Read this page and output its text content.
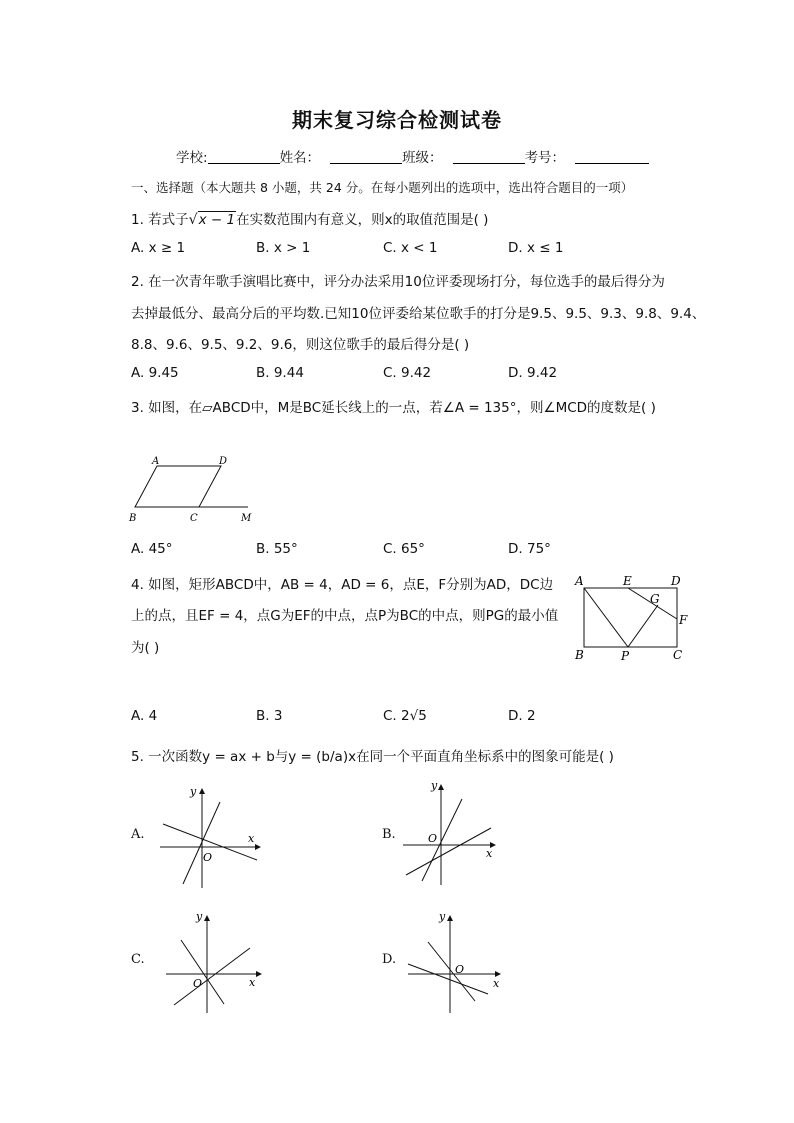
期末复习综合检测试卷
学校:	姓名：	班级：	考号：
一、选择题（本大题共 8 小题，共 24 分。在每小题列出的选项中，选出符合题目的一项）
1. 若式子√x − 1在实数范围内有意义，则x的取值范围是( )
A. x ≥ 1	B. x > 1	C. x < 1	D. x ≤ 1
2. 在一次青年歌手演唱比赛中，评分办法采用10位评委现场打分，每位选手的最后得分为
去掉最低分、最高分后的平均数.已知10位评委给某位歌手的打分是9.5、9.5、9.3、9.8、9.4、
8.8、9.6、9.5、9.2、9.6，则这位歌手的最后得分是( )
A. 9.45	B. 9.44	C. 9.42	D. 9.42
3. 如图，在▱ABCD中，M是BC延长线上的一点，若∠A = 135°，则∠MCD的度数是( )
A	D
B	C	M
A. 45°	B. 55°	C. 65°	D. 75°
4. 如图，矩形ABCD中，AB = 4，AD = 6，点E，F分别为AD，DC边
上的点，且EF = 4，点G为EF的中点，点P为BC的中点，则PG的最小值
为( )
A	E	D
G
F
B	P	C
A. 4	B. 3	C. 2√5	D. 2
5. 一次函数y = ax + b与y = (b/a)x在同一个平面直角坐标系中的图象可能是( )
A.	x
y
O
B.
x
y
O
C.
x
y
O
D.
x
y
O
